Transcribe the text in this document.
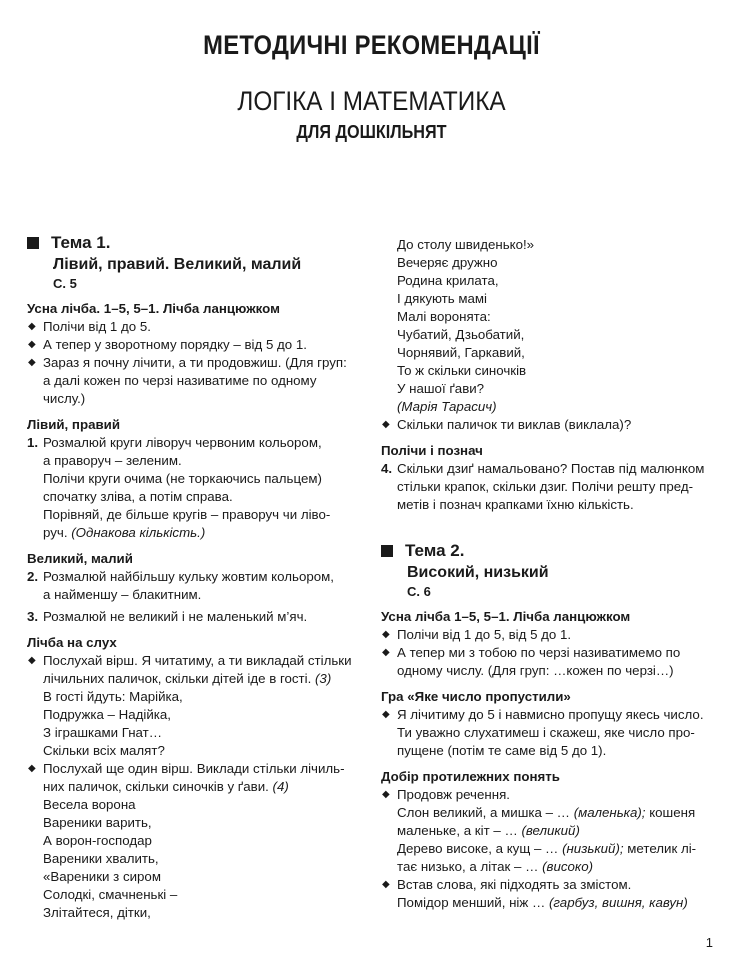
МЕТОДИЧНІ РЕКОМЕНДАЦІЇ
ЛОГІКА І МАТЕМАТИКА
ДЛЯ ДОШКІЛЬНЯТ
Тема 1.
Лівий, правий. Великий, малий
С. 5
Усна лічба. 1–5, 5–1. Лічба ланцюжком
◆ Полічи від 1 до 5.
◆ А тепер у зворотному порядку – від 5 до 1.
◆ Зараз я почну лічити, а ти продовжиш. (Для груп:
а далі кожен по черзі називатиме по одному
числу.)
Лівий, правий
1. Розмалюй круги ліворуч червоним кольором,
а праворуч – зеленим.
Полічи круги очима (не торкаючись пальцем)
спочатку зліва, а потім справа.
Порівняй, де більше кругів – праворуч чи ліво-
руч. (Однакова кількість.)
Великий, малий
2. Розмалюй найбільшу кульку жовтим кольором,
а найменшу – блакитним.
3. Розмалюй не великий і не маленький м’яч.
Лічба на слух
◆ Послухай вірш. Я читатиму, а ти викладай стільки
лічильних паличок, скільки дітей іде в гості. (3)
В гості йдуть: Марійка,
Подружка – Надійка,
З іграшками Гнат…
Скільки всіх малят?
◆ Послухай ще один вірш. Виклади стільки лічиль-
них паличок, скільки синочків у ґави. (4)
Весела ворона
Вареники варить,
А ворон-господар
Вареники хвалить,
«Вареники з сиром
Солодкі, смачненькі –
Злітайтеся, дітки,
До столу швиденько!»
Вечеряє дружно
Родина крилата,
І дякують мамі
Малі воронята:
Чубатий, Дзьобатий,
Чорнявий, Гаркавий,
То ж скільки синочків
У нашої ґави?
(Марія Тарасич)
◆ Скільки паличок ти виклав (виклала)?
Полічи і познач
4. Скільки дзиґ намальовано? Постав під малюнком
стільки крапок, скільки дзиг. Полічи решту пред-
метів і познач крапками їхню кількість.
Тема 2.
Високий, низький
С. 6
Усна лічба 1–5, 5–1. Лічба ланцюжком
◆ Полічи від 1 до 5, від 5 до 1.
◆ А тепер ми з тобою по черзі називатимемо по
одному числу. (Для груп: …кожен по черзі…)
Гра «Яке число пропустили»
◆ Я лічитиму до 5 і навмисно пропущу якесь число.
Ти уважно слухатимеш і скажеш, яке число про-
пущене (потім те саме від 5 до 1).
Добір протилежних понять
◆ Продовж речення.
Слон великий, а мишка – … (маленька); кошеня
маленьке, а кіт – … (великий)
Дерево високе, а кущ – … (низький); метелик лі-
тає низько, а літак – … (високо)
◆ Встав слова, які підходять за змістом.
Помідор менший, ніж … (гарбуз, вишня, кавун)
1
